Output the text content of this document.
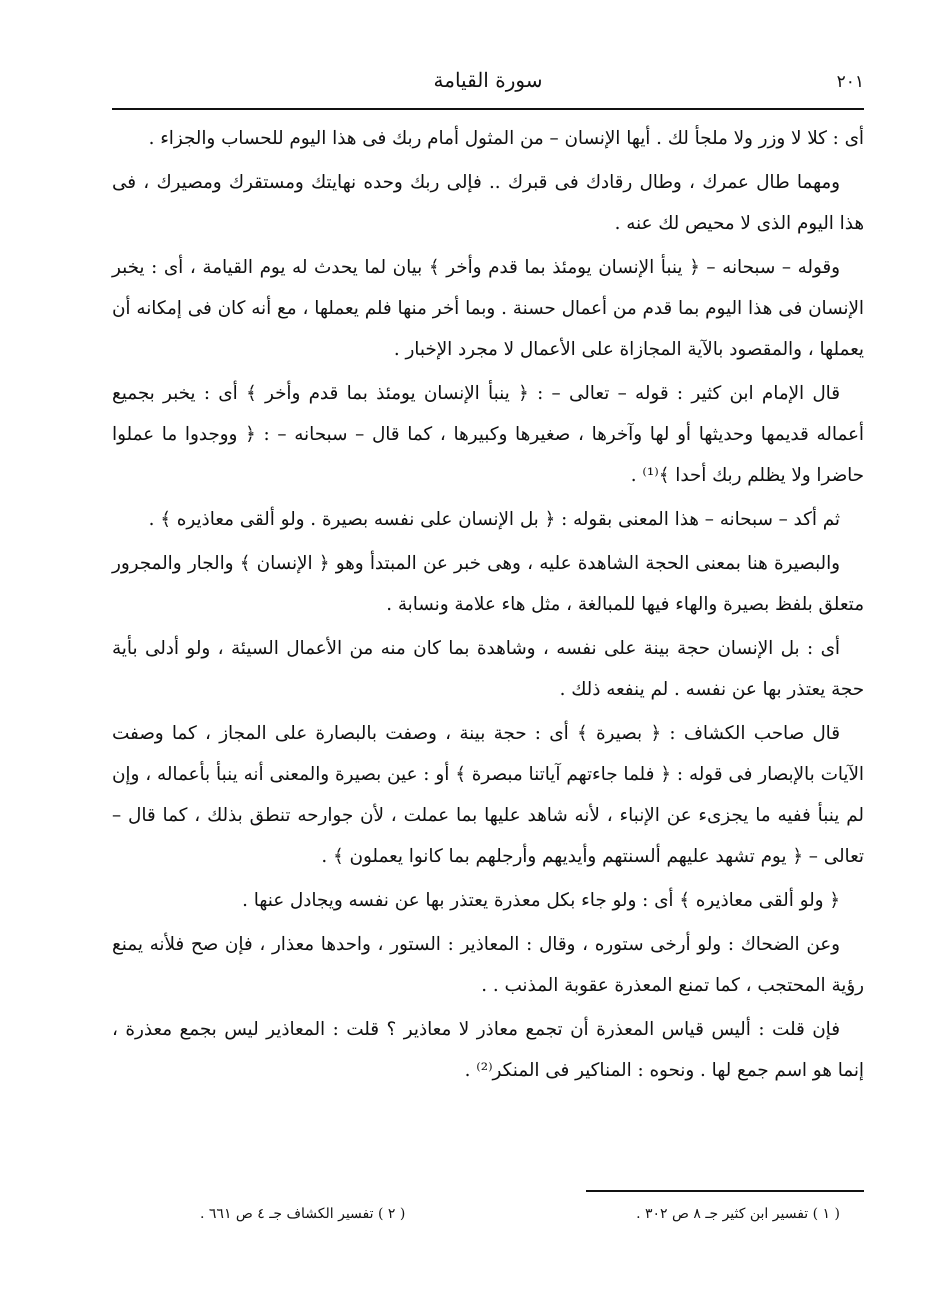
٢٠١
سورة القيامة

أى : كلا لا وزر ولا ملجأ لك . أيها الإنسان – من المثول أمام ربك فى هذا اليوم للحساب والجزاء .

ومهما طال عمرك ، وطال رقادك فى قبرك .. فإلى ربك وحده نهايتك ومستقرك ومصيرك ، فى هذا اليوم الذى لا محيص لك عنه .

وقوله – سبحانه – ﴿ ينبأ الإنسان يومئذ بما قدم وأخر ﴾ بيان لما يحدث له يوم القيامة ، أى : يخبر الإنسان فى هذا اليوم بما قدم من أعمال حسنة . وبما أخر منها فلم يعملها ، مع أنه كان فى إمكانه أن يعملها ، والمقصود بالآية المجازاة على الأعمال لا مجرد الإخبار .

قال الإمام ابن كثير : قوله – تعالى – : ﴿ ينبأ الإنسان يومئذ بما قدم وأخر ﴾ أى : يخبر بجميع أعماله قديمها وحديثها أو لها وآخرها ، صغيرها وكبيرها ، كما قال – سبحانه – : ﴿ ووجدوا ما عملوا حاضرا ولا يظلم ربك أحدا ﴾⁽¹⁾ .

ثم أكد – سبحانه – هذا المعنى بقوله : ﴿ بل الإنسان على نفسه بصيرة . ولو ألقى معاذيره ﴾ .

والبصيرة هنا بمعنى الحجة الشاهدة عليه ، وهى خبر عن المبتدأ وهو ﴿ الإنسان ﴾ والجار والمجرور متعلق بلفظ بصيرة والهاء فيها للمبالغة ، مثل هاء علامة ونسابة .

أى : بل الإنسان حجة بينة على نفسه ، وشاهدة بما كان منه من الأعمال السيئة ، ولو أدلى بأية حجة يعتذر بها عن نفسه . لم ينفعه ذلك .

قال صاحب الكشاف : ﴿ بصيرة ﴾ أى : حجة بينة ، وصفت بالبصارة على المجاز ، كما وصفت الآيات بالإبصار فى قوله : ﴿ فلما جاءتهم آياتنا مبصرة ﴾ أو : عين بصيرة والمعنى أنه ينبأ بأعماله ، وإن لم ينبأ ففيه ما يجزىء عن الإنباء ، لأنه شاهد عليها بما عملت ، لأن جوارحه تنطق بذلك ، كما قال – تعالى – ﴿ يوم تشهد عليهم ألسنتهم وأيديهم وأرجلهم بما كانوا يعملون ﴾ .

﴿ ولو ألقى معاذيره ﴾ أى : ولو جاء بكل معذرة يعتذر بها عن نفسه ويجادل عنها .

وعن الضحاك : ولو أرخى ستوره ، وقال : المعاذير : الستور ، واحدها معذار ، فإن صح فلأنه يمنع رؤية المحتجب ، كما تمنع المعذرة عقوبة المذنب . .

فإن قلت : أليس قياس المعذرة أن تجمع معاذر لا معاذير ؟ قلت : المعاذير ليس بجمع معذرة ، إنما هو اسم جمع لها . ونحوه : المناكير فى المنكر⁽²⁾ .

( ١ ) تفسير ابن كثير جـ ٨ ص ٣٠٢ .
( ٢ ) تفسير الكشاف جـ ٤ ص ٦٦١ .
